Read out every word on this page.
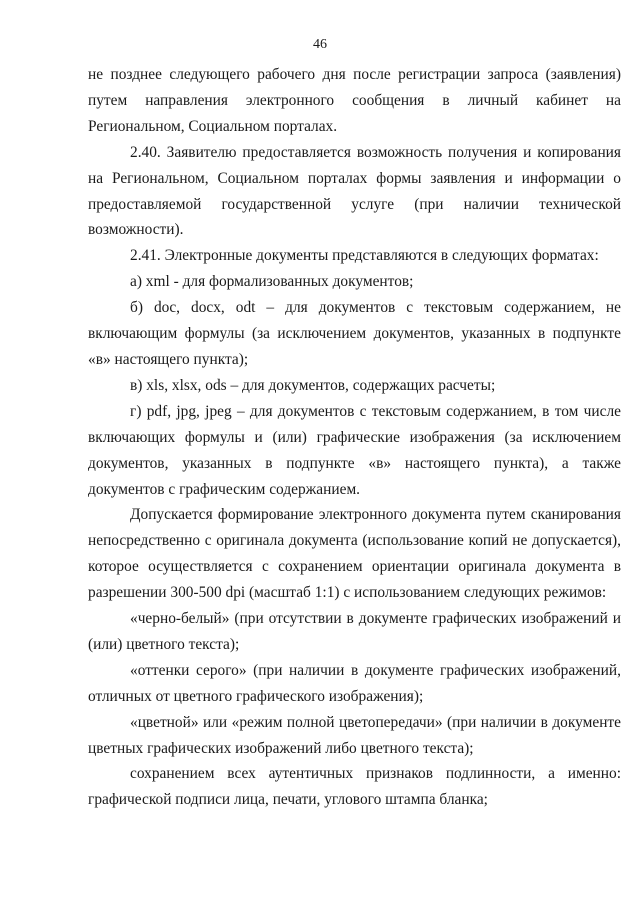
46

не позднее следующего рабочего дня после регистрации запроса (заявления) путем направления электронного сообщения в личный кабинет на Региональном, Социальном порталах.

2.40. Заявителю предоставляется возможность получения и копирования на Региональном, Социальном порталах формы заявления и информации о предоставляемой государственной услуге (при наличии технической возможности).

2.41. Электронные документы представляются в следующих форматах:

а) xml - для формализованных документов;

б) doc, docx, odt – для документов с текстовым содержанием, не включающим формулы (за исключением документов, указанных в подпункте «в» настоящего пункта);

в) xls, xlsx, ods – для документов, содержащих расчеты;

г) pdf, jpg, jpeg – для документов с текстовым содержанием, в том числе включающих формулы и (или) графические изображения (за исключением документов, указанных в подпункте «в» настоящего пункта), а также документов с графическим содержанием.

Допускается формирование электронного документа путем сканирования непосредственно с оригинала документа (использование копий не допускается), которое осуществляется с сохранением ориентации оригинала документа в разрешении 300-500 dpi (масштаб 1:1) с использованием следующих режимов:

«черно-белый» (при отсутствии в документе графических изображений и (или) цветного текста);

«оттенки серого» (при наличии в документе графических изображений, отличных от цветного графического изображения);

«цветной» или «режим полной цветопередачи» (при наличии в документе цветных графических изображений либо цветного текста);

сохранением всех аутентичных признаков подлинности, а именно: графической подписи лица, печати, углового штампа бланка;
